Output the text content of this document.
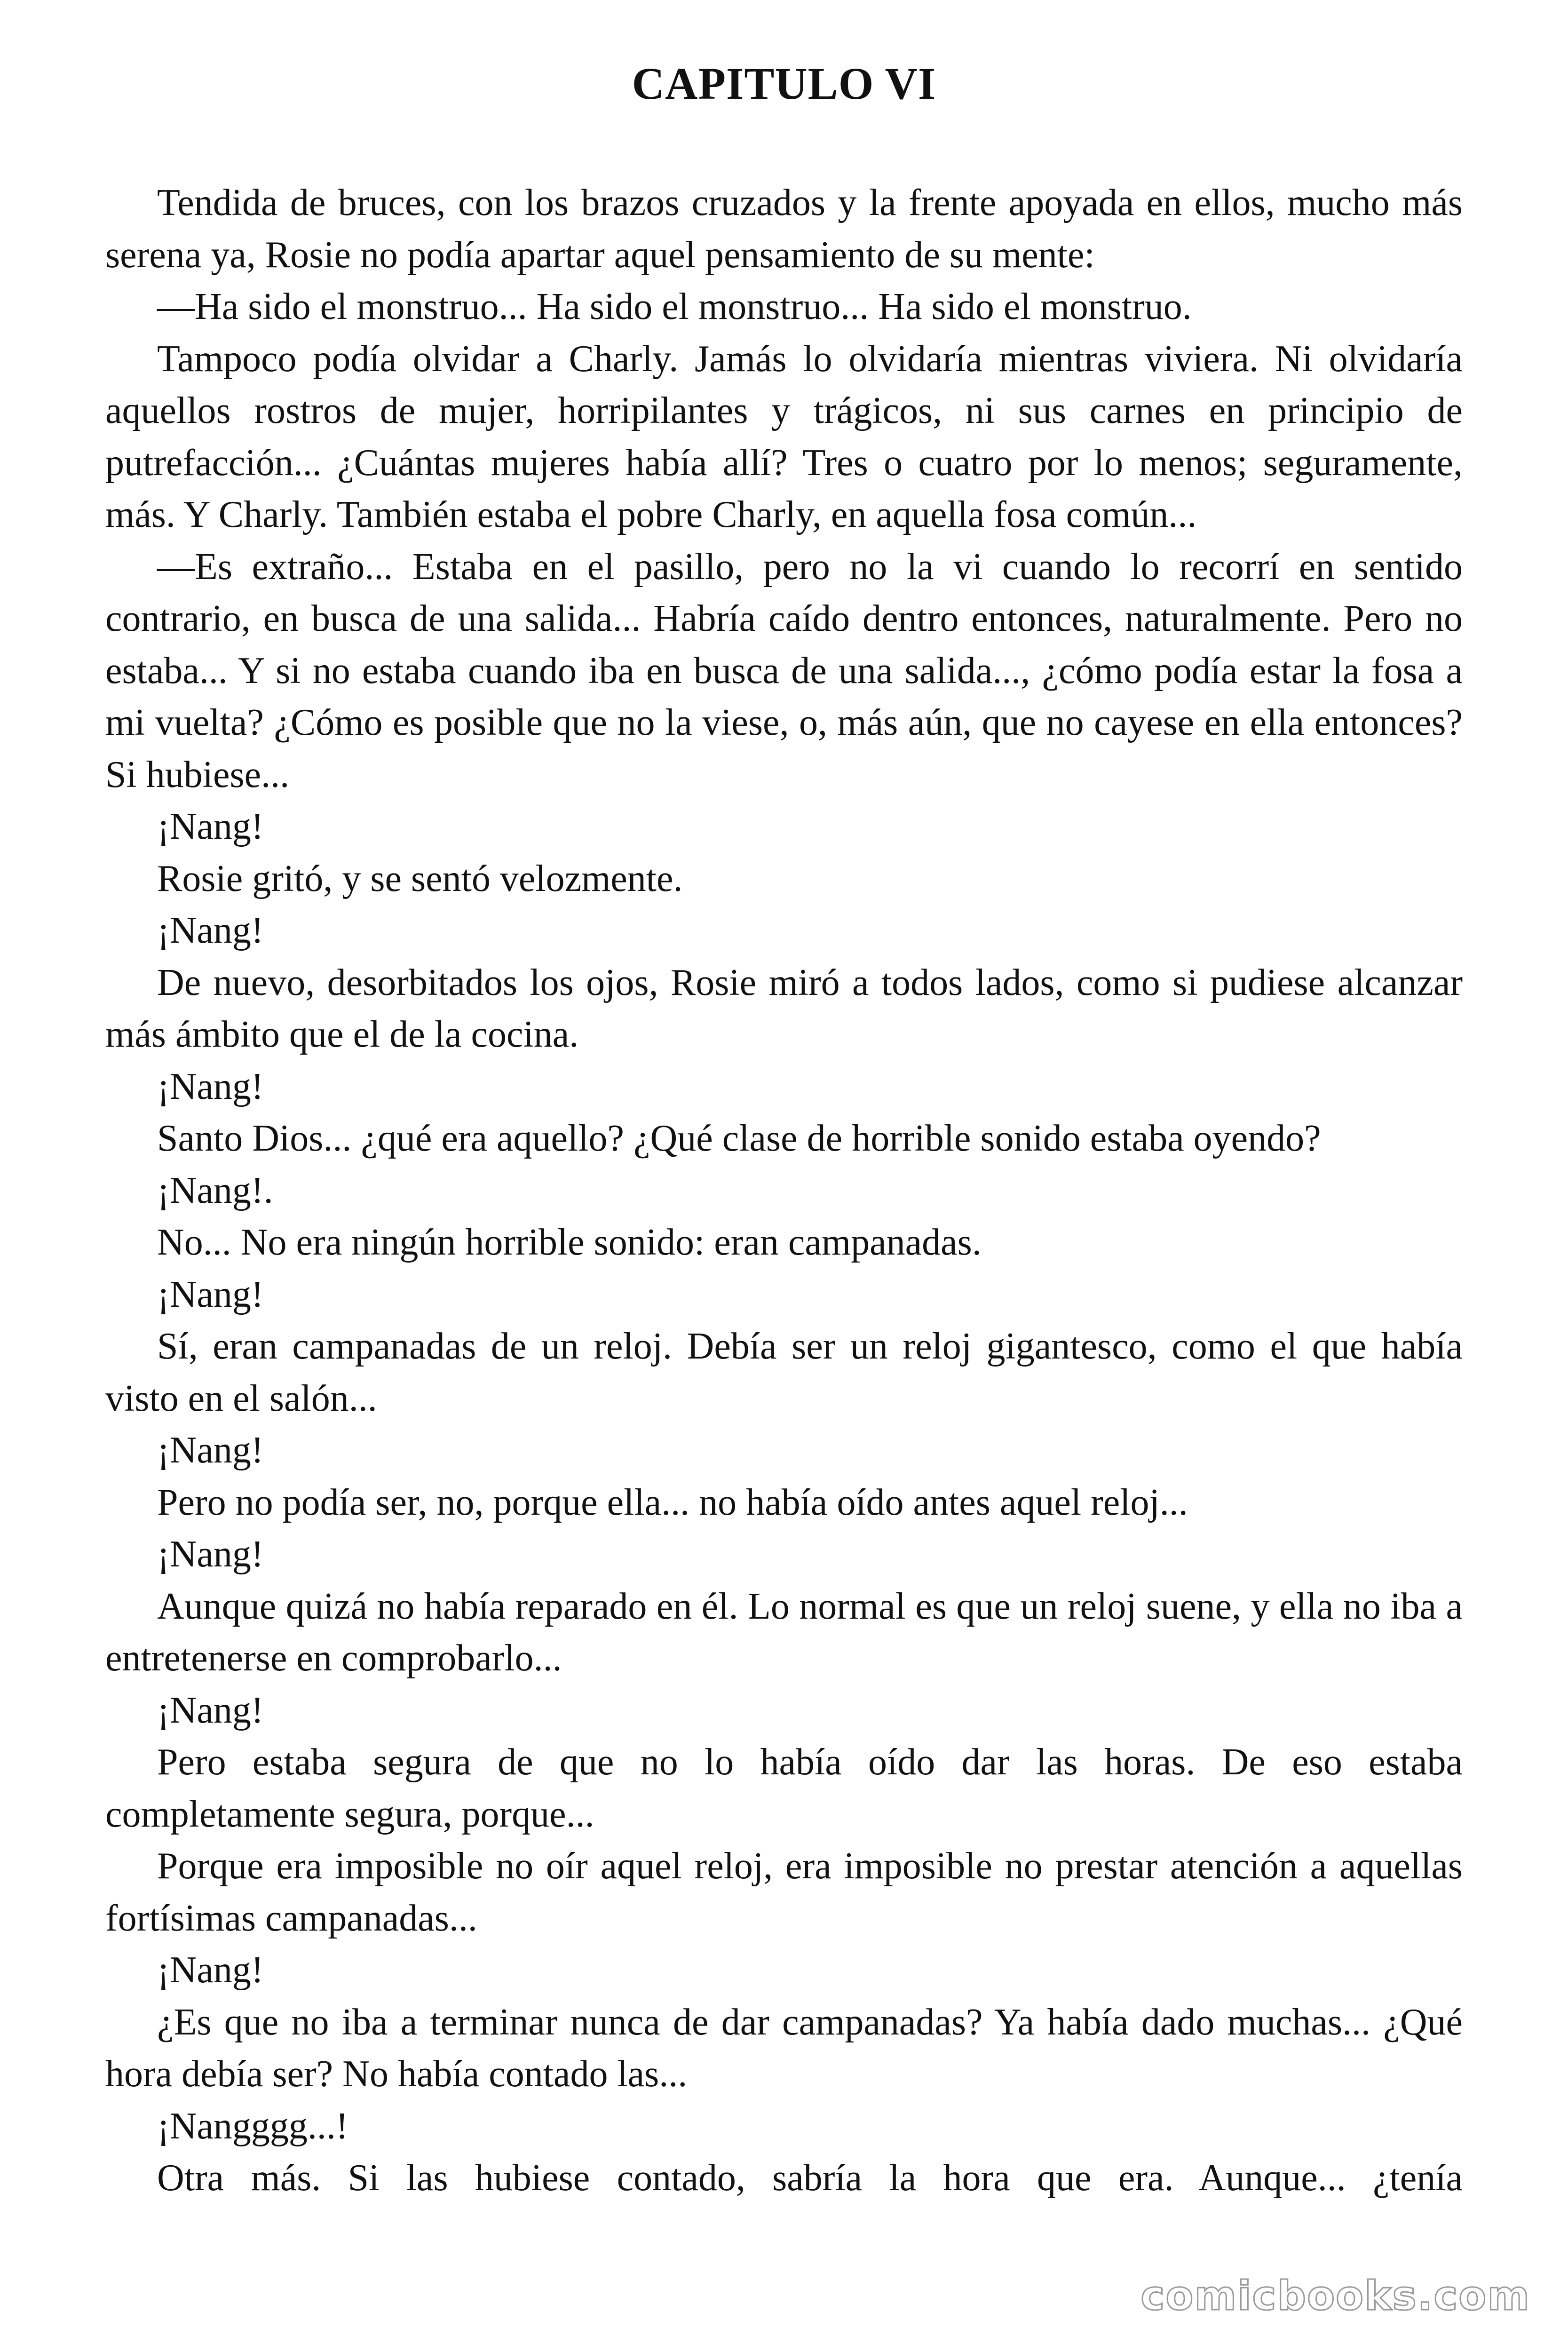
CAPITULO VI

Tendida de bruces, con los brazos cruzados y la frente apoyada en ellos, mucho más serena ya, Rosie no podía apartar aquel pensamiento de su mente:

—Ha sido el monstruo... Ha sido el monstruo... Ha sido el monstruo.

Tampoco podía olvidar a Charly. Jamás lo olvidaría mientras viviera. Ni olvidaría aquellos rostros de mujer, horripilantes y trágicos, ni sus carnes en principio de putrefacción... ¿Cuántas mujeres había allí? Tres o cuatro por lo menos; seguramente, más. Y Charly. También estaba el pobre Charly, en aquella fosa común...

—Es extraño... Estaba en el pasillo, pero no la vi cuando lo recorrí en sentido contrario, en busca de una salida... Habría caído dentro entonces, naturalmente. Pero no estaba... Y si no estaba cuando iba en busca de una salida..., ¿cómo podía estar la fosa a mi vuelta? ¿Cómo es posible que no la viese, o, más aún, que no cayese en ella entonces? Si hubiese...

¡Nang!

Rosie gritó, y se sentó velozmente.

¡Nang!

De nuevo, desorbitados los ojos, Rosie miró a todos lados, como si pudiese alcanzar más ámbito que el de la cocina.

¡Nang!

Santo Dios... ¿qué era aquello? ¿Qué clase de horrible sonido estaba oyendo?

¡Nang!.

No... No era ningún horrible sonido: eran campanadas.

¡Nang!

Sí, eran campanadas de un reloj. Debía ser un reloj gigantesco, como el que había visto en el salón...

¡Nang!

Pero no podía ser, no, porque ella... no había oído antes aquel reloj...

¡Nang!

Aunque quizá no había reparado en él. Lo normal es que un reloj suene, y ella no iba a entretenerse en comprobarlo...

¡Nang!

Pero estaba segura de que no lo había oído dar las horas. De eso estaba completamente segura, porque...

Porque era imposible no oír aquel reloj, era imposible no prestar atención a aquellas fortísimas campanadas...

¡Nang!

¿Es que no iba a terminar nunca de dar campanadas? Ya había dado muchas... ¿Qué hora debía ser? No había contado las...

¡Nangggg...!

Otra más. Si las hubiese contado, sabría la hora que era. Aunque... ¿tenía

comicbooks.com
